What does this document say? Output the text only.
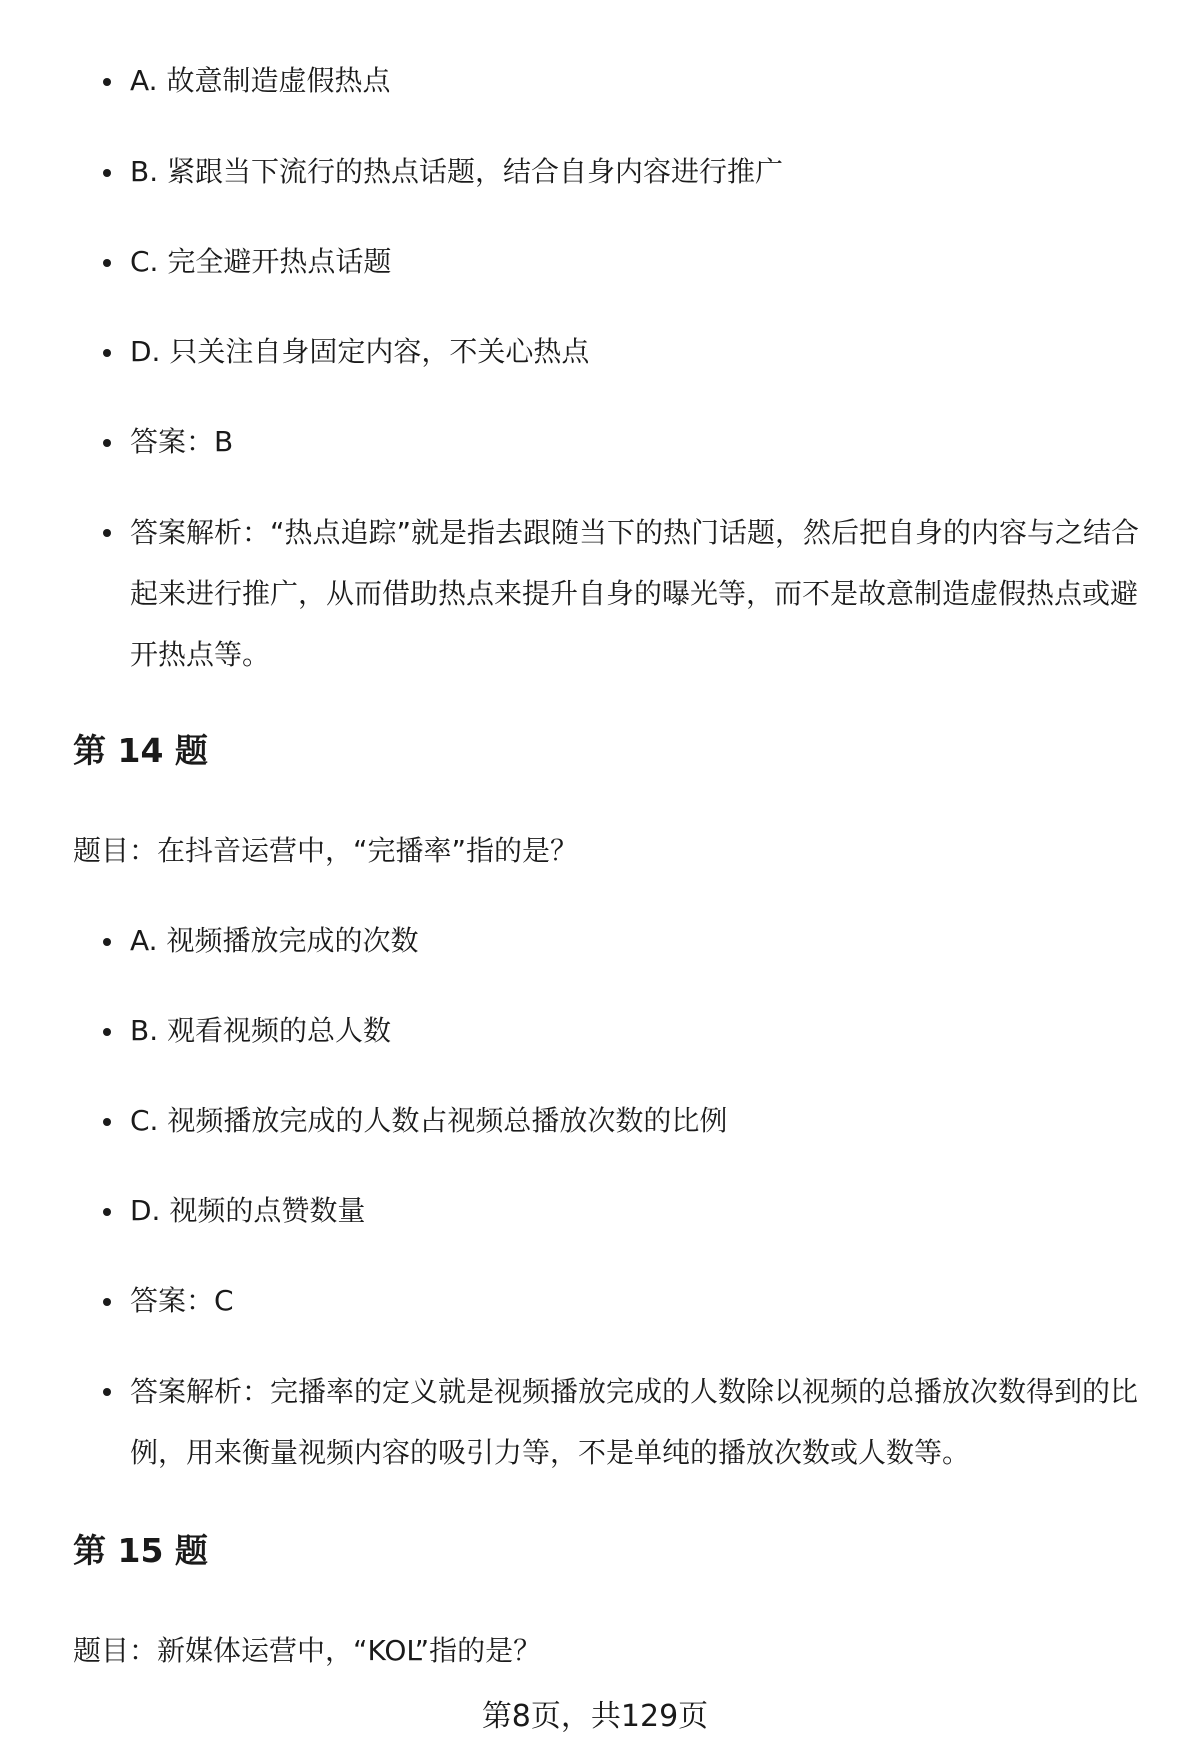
A. 故意制造虚假热点
B. 紧跟当下流行的热点话题，结合自身内容进行推广
C. 完全避开热点话题
D. 只关注自身固定内容，不关心热点
答案：B
答案解析：“热点追踪”就是指去跟随当下的热门话题，然后把自身的内容与之结合起来进行推广，从而借助热点来提升自身的曝光等，而不是故意制造虚假热点或避开热点等。
第 14 题

题目：在抖音运营中，“完播率”指的是？

A. 视频播放完成的次数
B. 观看视频的总人数
C. 视频播放完成的人数占视频总播放次数的比例
D. 视频的点赞数量
答案：C
答案解析：完播率的定义就是视频播放完成的人数除以视频的总播放次数得到的比例，用来衡量视频内容的吸引力等，不是单纯的播放次数或人数等。
第 15 题

题目：新媒体运营中，“KOL”指的是？

第8页，共129页
